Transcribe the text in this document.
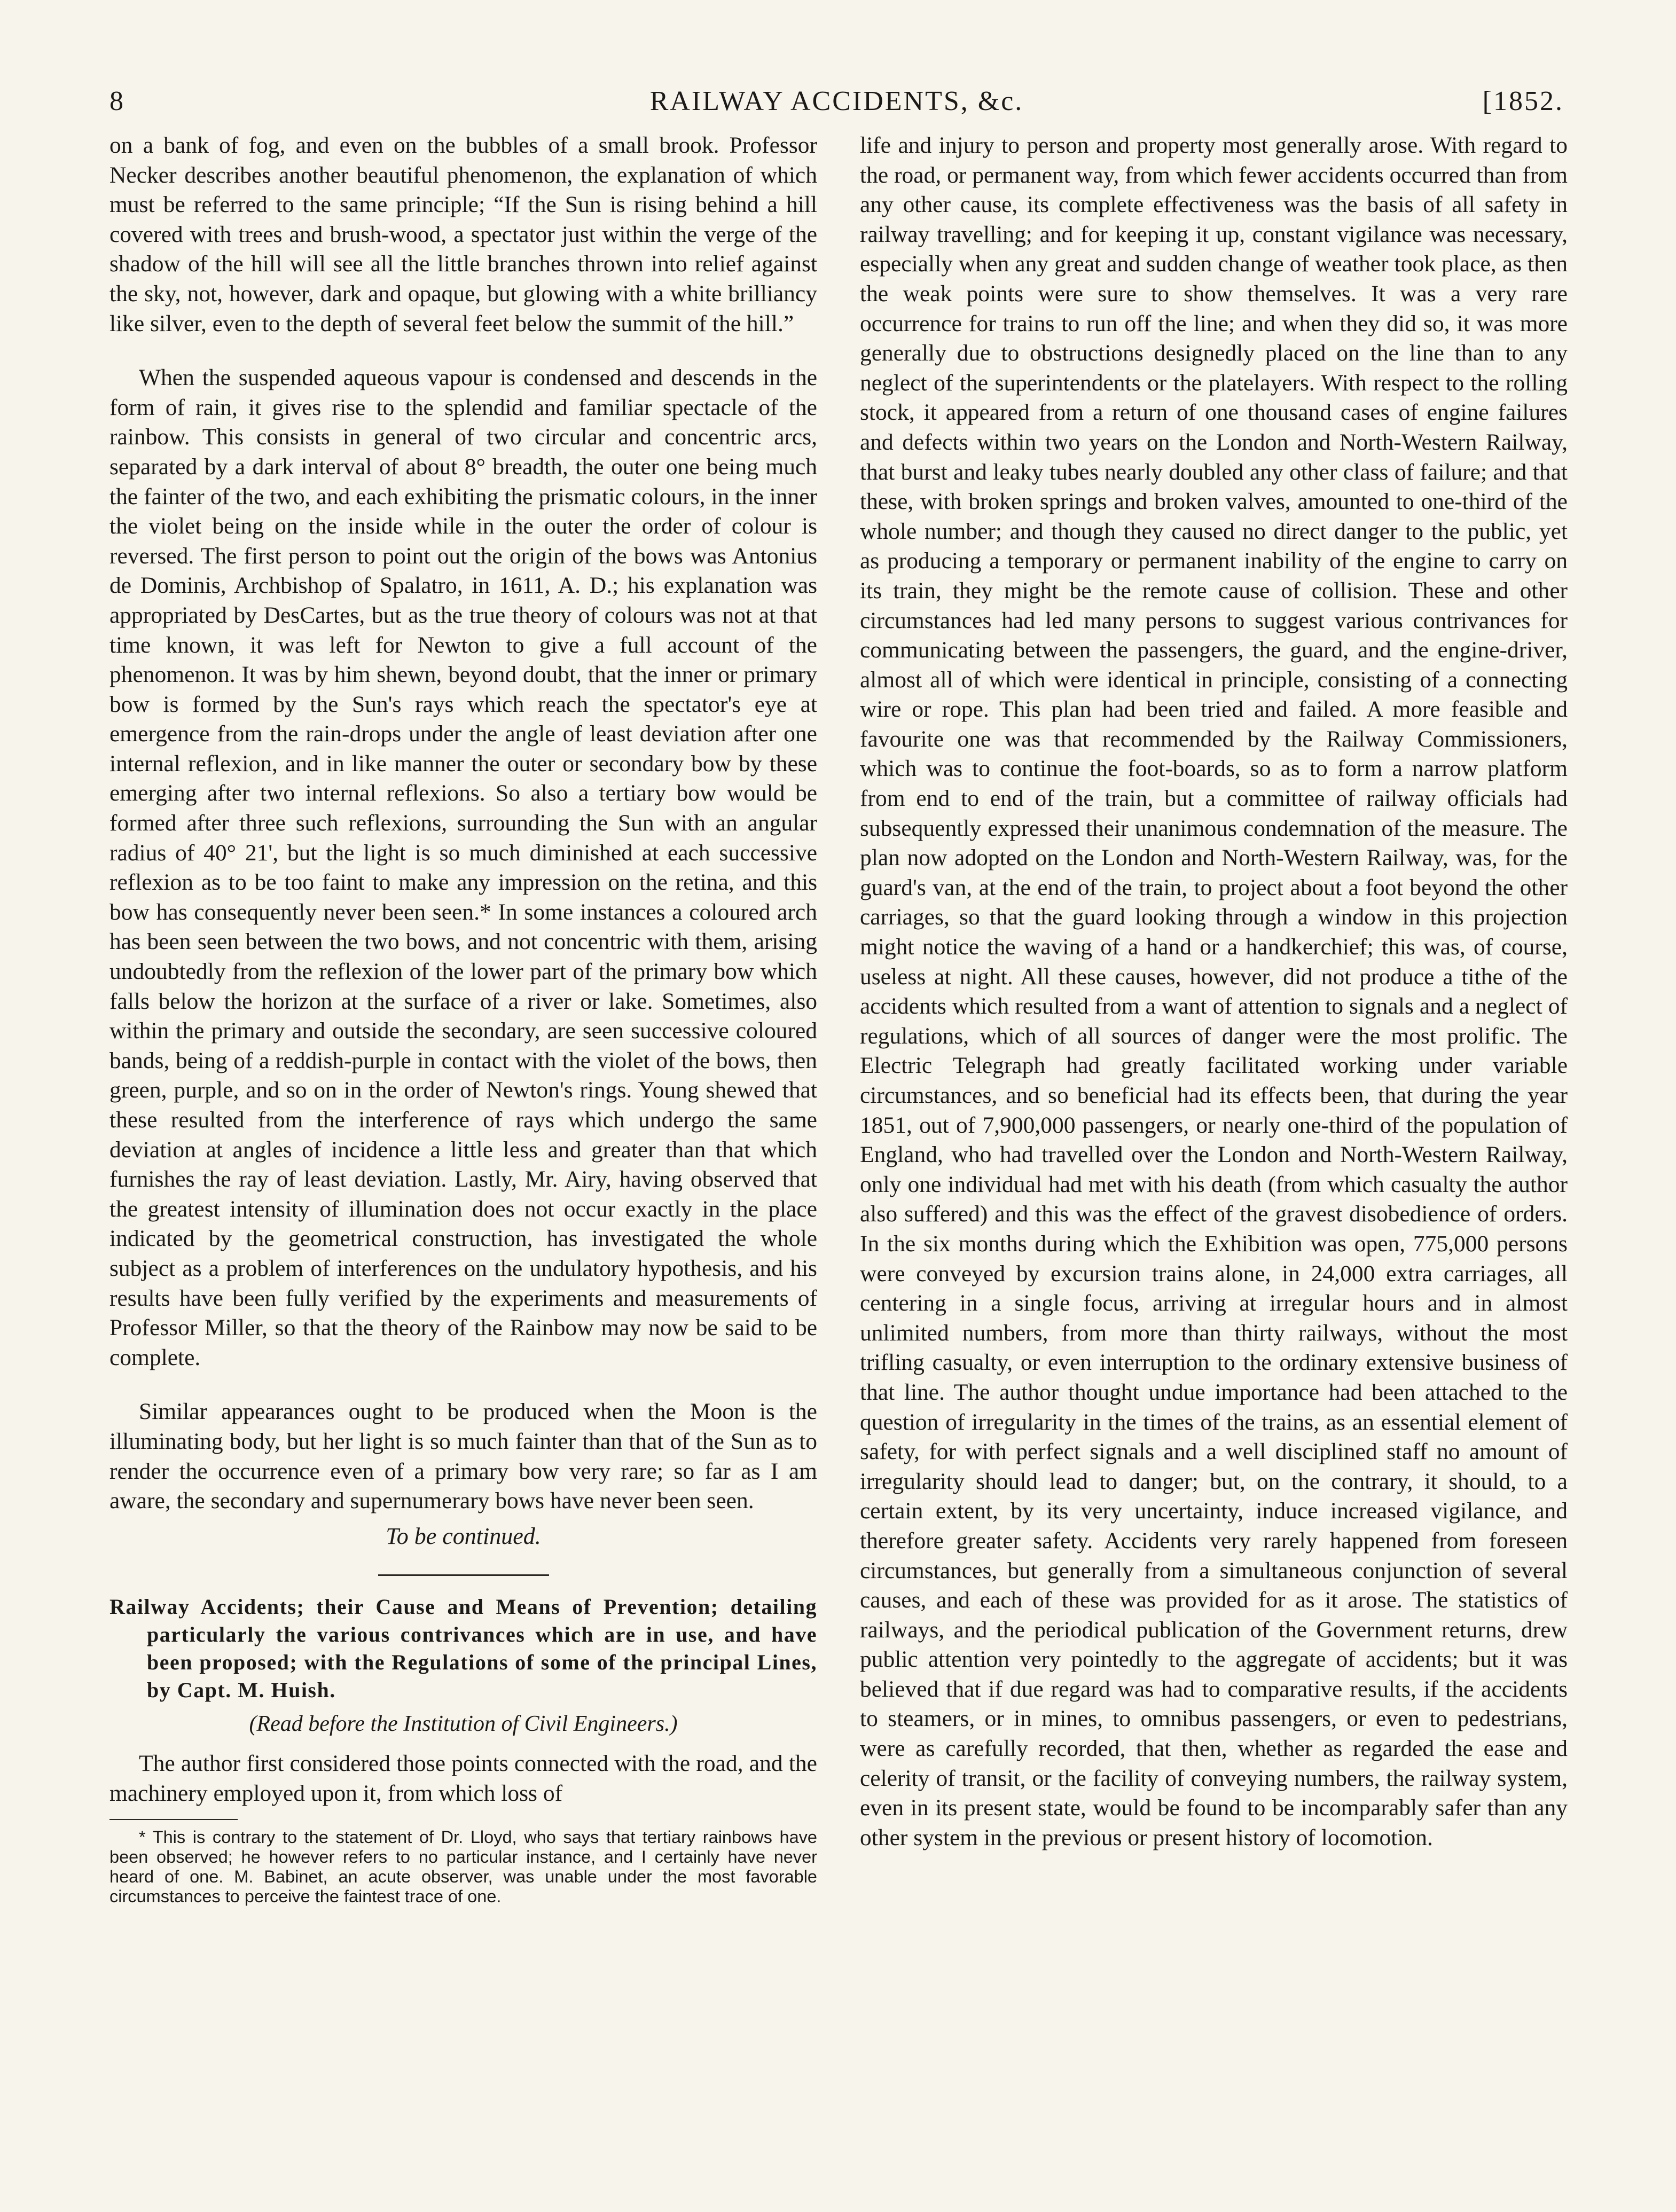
8	RAILWAY ACCIDENTS, &c.	[1852.

on a bank of fog, and even on the bubbles of a small brook. Professor Necker describes another beautiful phenomenon, the explanation of which must be referred to the same principle; “If the Sun is rising behind a hill covered with trees and brush-wood, a spectator just within the verge of the shadow of the hill will see all the little branches thrown into relief against the sky, not, however, dark and opaque, but glowing with a white brilliancy like silver, even to the depth of several feet below the summit of the hill.”

When the suspended aqueous vapour is condensed and descends in the form of rain, it gives rise to the splendid and familiar spectacle of the rainbow. This consists in general of two circular and concentric arcs, separated by a dark interval of about 8° breadth, the outer one being much the fainter of the two, and each exhibiting the prismatic colours, in the inner the violet being on the inside while in the outer the order of colour is reversed. The first person to point out the origin of the bows was Antonius de Dominis, Archbishop of Spalatro, in 1611, A. D.; his explanation was appropriated by DesCartes, but as the true theory of colours was not at that time known, it was left for Newton to give a full account of the phenomenon. It was by him shewn, beyond doubt, that the inner or primary bow is formed by the Sun's rays which reach the spectator's eye at emergence from the rain-drops under the angle of least deviation after one internal reflexion, and in like manner the outer or secondary bow by these emerging after two internal reflexions. So also a tertiary bow would be formed after three such reflexions, surrounding the Sun with an angular radius of 40° 21', but the light is so much diminished at each successive reflexion as to be too faint to make any impression on the retina, and this bow has consequently never been seen.* In some instances a coloured arch has been seen between the two bows, and not concentric with them, arising undoubtedly from the reflexion of the lower part of the primary bow which falls below the horizon at the surface of a river or lake. Sometimes, also within the primary and outside the secondary, are seen successive coloured bands, being of a reddish-purple in contact with the violet of the bows, then green, purple, and so on in the order of Newton's rings. Young shewed that these resulted from the interference of rays which undergo the same deviation at angles of incidence a little less and greater than that which furnishes the ray of least deviation. Lastly, Mr. Airy, having observed that the greatest intensity of illumination does not occur exactly in the place indicated by the geometrical construction, has investigated the whole subject as a problem of interferences on the undulatory hypothesis, and his results have been fully verified by the experiments and measurements of Professor Miller, so that the theory of the Rainbow may now be said to be complete.

Similar appearances ought to be produced when the Moon is the illuminating body, but her light is so much fainter than that of the Sun as to render the occurrence even of a primary bow very rare; so far as I am aware, the secondary and supernumerary bows have never been seen.

To be continued.

Railway Accidents; their Cause and Means of Prevention; detailing particularly the various contrivances which are in use, and have been proposed; with the Regulations of some of the principal Lines, by Capt. M. Huish.

(Read before the Institution of Civil Engineers.)

The author first considered those points connected with the road, and the machinery employed upon it, from which loss of

* This is contrary to the statement of Dr. Lloyd, who says that tertiary rainbows have been observed; he however refers to no particular instance, and I certainly have never heard of one. M. Babinet, an acute observer, was unable under the most favorable circumstances to perceive the faintest trace of one.

life and injury to person and property most generally arose. With regard to the road, or permanent way, from which fewer accidents occurred than from any other cause, its complete effectiveness was the basis of all safety in railway travelling; and for keeping it up, constant vigilance was necessary, especially when any great and sudden change of weather took place, as then the weak points were sure to show themselves. It was a very rare occurrence for trains to run off the line; and when they did so, it was more generally due to obstructions designedly placed on the line than to any neglect of the superintendents or the platelayers. With respect to the rolling stock, it appeared from a return of one thousand cases of engine failures and defects within two years on the London and North-Western Railway, that burst and leaky tubes nearly doubled any other class of failure; and that these, with broken springs and broken valves, amounted to one-third of the whole number; and though they caused no direct danger to the public, yet as producing a temporary or permanent inability of the engine to carry on its train, they might be the remote cause of collision. These and other circumstances had led many persons to suggest various contrivances for communicating between the passengers, the guard, and the engine-driver, almost all of which were identical in principle, consisting of a connecting wire or rope. This plan had been tried and failed. A more feasible and favourite one was that recommended by the Railway Commissioners, which was to continue the foot-boards, so as to form a narrow platform from end to end of the train, but a committee of railway officials had subsequently expressed their unanimous condemnation of the measure. The plan now adopted on the London and North-Western Railway, was, for the guard's van, at the end of the train, to project about a foot beyond the other carriages, so that the guard looking through a window in this projection might notice the waving of a hand or a handkerchief; this was, of course, useless at night. All these causes, however, did not produce a tithe of the accidents which resulted from a want of attention to signals and a neglect of regulations, which of all sources of danger were the most prolific. The Electric Telegraph had greatly facilitated working under variable circumstances, and so beneficial had its effects been, that during the year 1851, out of 7,900,000 passengers, or nearly one-third of the population of England, who had travelled over the London and North-Western Railway, only one individual had met with his death (from which casualty the author also suffered) and this was the effect of the gravest disobedience of orders. In the six months during which the Exhibition was open, 775,000 persons were conveyed by excursion trains alone, in 24,000 extra carriages, all centering in a single focus, arriving at irregular hours and in almost unlimited numbers, from more than thirty railways, without the most trifling casualty, or even interruption to the ordinary extensive business of that line. The author thought undue importance had been attached to the question of irregularity in the times of the trains, as an essential element of safety, for with perfect signals and a well disciplined staff no amount of irregularity should lead to danger; but, on the contrary, it should, to a certain extent, by its very uncertainty, induce increased vigilance, and therefore greater safety. Accidents very rarely happened from foreseen circumstances, but generally from a simultaneous conjunction of several causes, and each of these was provided for as it arose. The statistics of railways, and the periodical publication of the Government returns, drew public attention very pointedly to the aggregate of accidents; but it was believed that if due regard was had to comparative results, if the accidents to steamers, or in mines, to omnibus passengers, or even to pedestrians, were as carefully recorded, that then, whether as regarded the ease and celerity of transit, or the facility of conveying numbers, the railway system, even in its present state, would be found to be incomparably safer than any other system in the previous or present history of locomotion.
